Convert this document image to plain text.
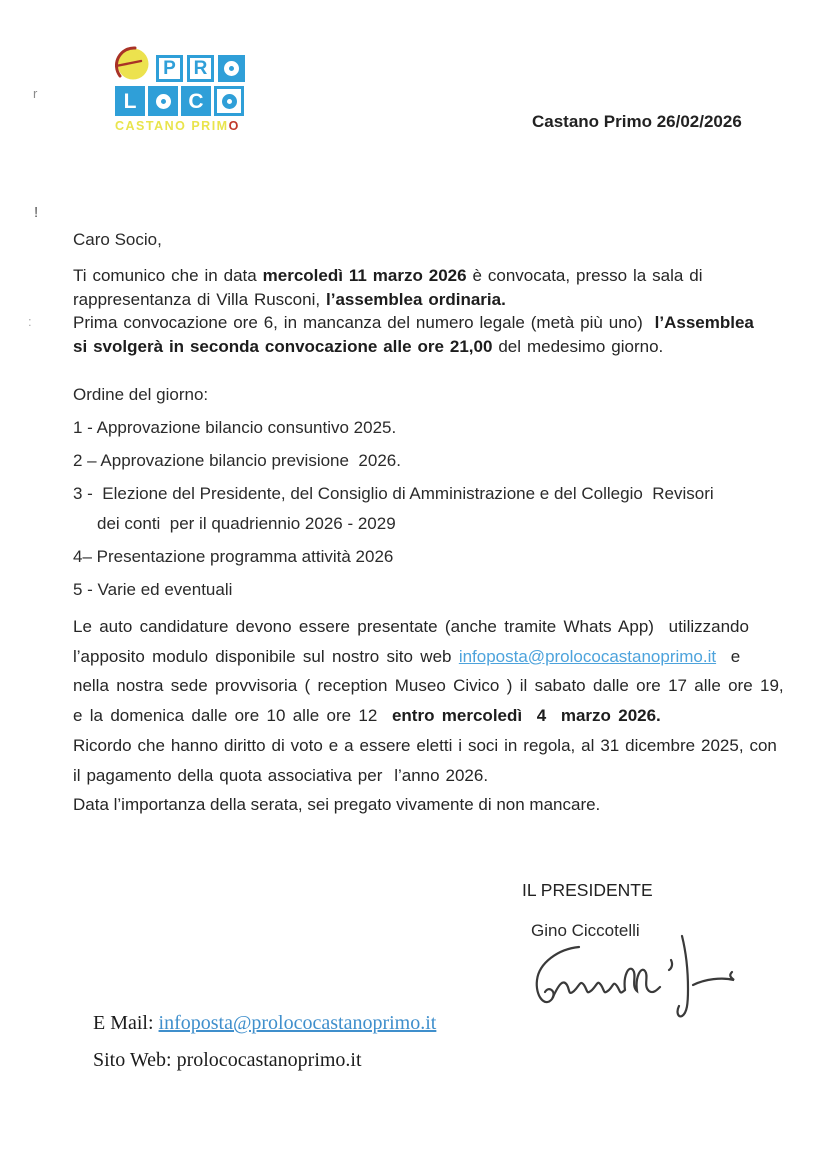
r
!
:
P R
L C
CASTANO PRIMO	Castano Primo 26/02/2026
Caro Socio,
Ti comunico che in data mercoledì 11 marzo 2026 è convocata, presso la sala di
rappresentanza di Villa Rusconi, l’assemblea ordinaria.
Prima convocazione ore 6, in mancanza del numero legale (metà più uno)  l’Assemblea
si svolgerà in seconda convocazione alle ore 21,00 del medesimo giorno.
Ordine del giorno:
1 - Approvazione bilancio consuntivo 2025.
2 – Approvazione bilancio previsione  2026.
3 -  Elezione del Presidente, del Consiglio di Amministrazione e del Collegio  Revisori
dei conti  per il quadriennio 2026 - 2029
4– Presentazione programma attività 2026
5 - Varie ed eventuali
Le auto candidature devono essere presentate (anche tramite Whats App)  utilizzando
l’apposito modulo disponibile sul nostro sito web infoposta@prolococastanoprimo.it  e
nella nostra sede provvisoria ( reception Museo Civico ) il sabato dalle ore 17 alle ore 19,
e la domenica dalle ore 10 alle ore 12  entro mercoledì  4  marzo 2026.
Ricordo che hanno diritto di voto e a essere eletti i soci in regola, al 31 dicembre 2025, con
il pagamento della quota associativa per  l’anno 2026.
Data l’importanza della serata, sei pregato vivamente di non mancare.
IL PRESIDENTE
Gino Ciccotelli
E Mail: infoposta@prolococastanoprimo.it
Sito Web: prolococastanoprimo.it
